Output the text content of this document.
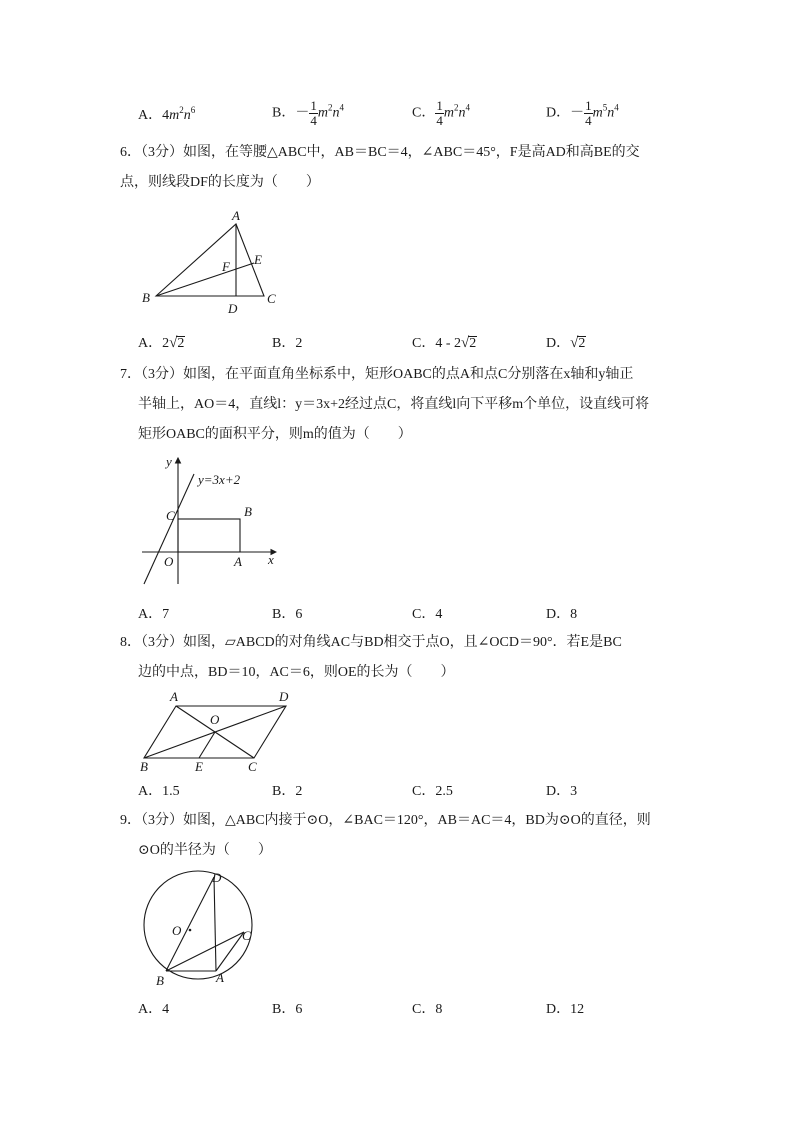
A．$4m^2n^6$	B．－ $\frac{1}{4} m^2n^4$	C． $\frac{1}{4} m^2n^4$	D．－ $\frac{1}{4} m^5n^4$
6．（3分）如图，在等腰△ABC中，AB＝BC＝4，∠ABC＝45°，F是高AD和高BE的交
点，则线段DF的长度为（　　）
A
B	C
D
E
F
A．2√2	B．2	C．4 - 2√2	D．√2
7．（3分）如图，在平面直角坐标系中，矩形OABC的点A和点C分别落在x轴和y轴正
半轴上，AO＝4，直线l：y＝3x+2经过点C，将直线l向下平移m个单位，设直线可将
矩形OABC的面积平分，则m的值为（　　）
y
y=3x+2
C	B
O	A x
A．7	B．6	C．4	D．8
8．（3分）如图，▱ABCD的对角线AC与BD相交于点O，且∠OCD＝90°．若E是BC
边的中点，BD＝10，AC＝6，则OE的长为（　　）
A	D
O
B	E	C
A．1.5	B．2	C．2.5	D．3
9．（3分）如图，△ABC内接于⊙O，∠BAC＝120°，AB＝AC＝4，BD为⊙O的直径，则
⊙O的半径为（　　）
D
O	C
B	A
A．4	B．6	C．8	D．12
